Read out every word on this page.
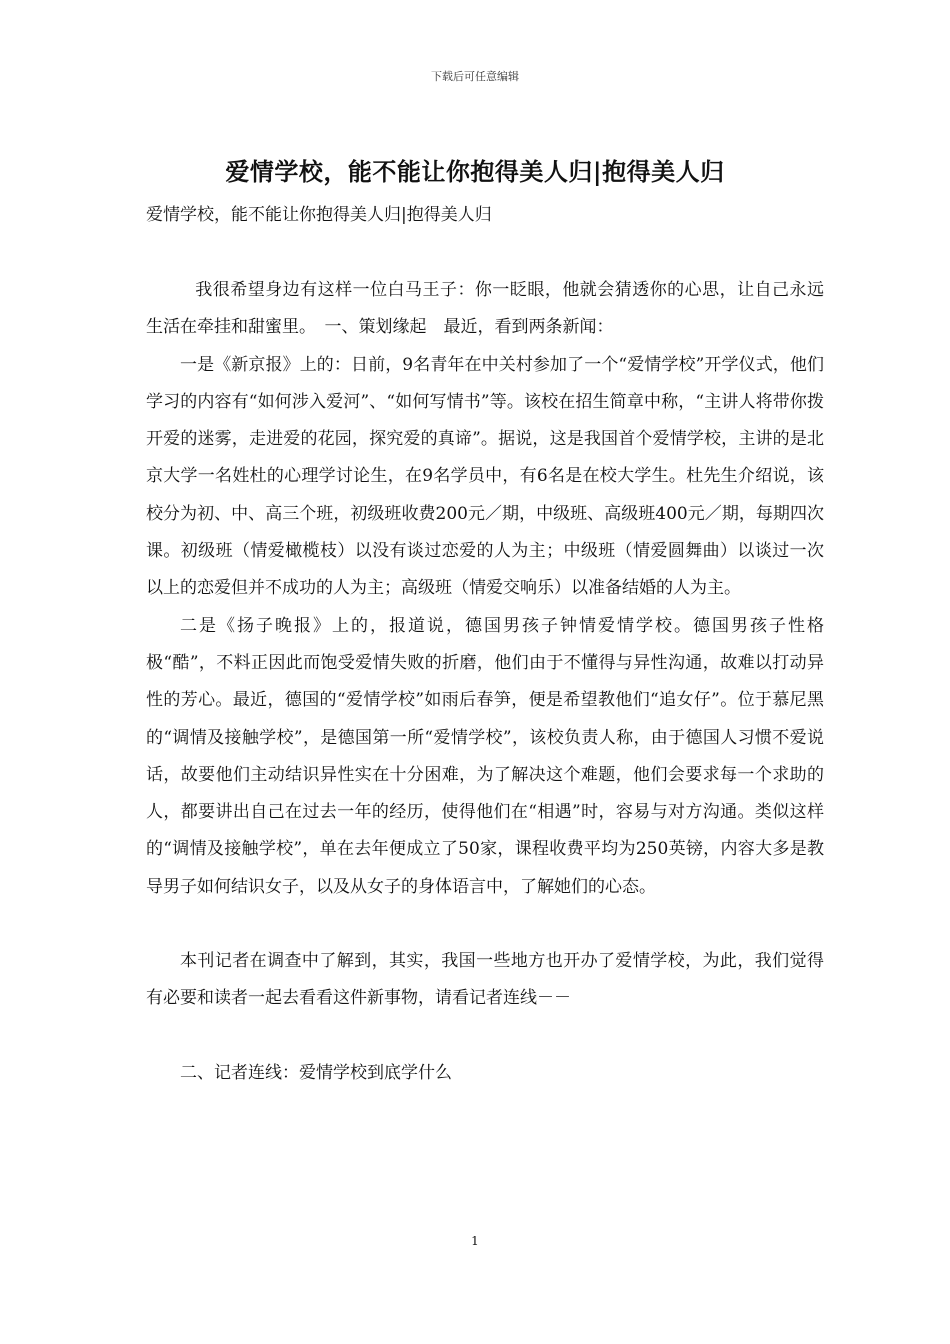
下载后可任意编辑
爱情学校，能不能让你抱得美人归|抱得美人归
爱情学校，能不能让你抱得美人归|抱得美人归

我很希望身边有这样一位白马王子：你一眨眼，他就会猜透你的心思，让自己永远生活在牵挂和甜蜜里。　一、策划缘起　最近，看到两条新闻：

一是《新京报》上的：日前，9名青年在中关村参加了一个“爱情学校”开学仪式，他们学习的内容有“如何涉入爱河”、“如何写情书”等。该校在招生简章中称，“主讲人将带你拨开爱的迷雾，走进爱的花园，探究爱的真谛”。据说，这是我国首个爱情学校，主讲的是北京大学一名姓杜的心理学讨论生，在9名学员中，有6名是在校大学生。杜先生介绍说，该校分为初、中、高三个班，初级班收费200元／期，中级班、高级班400元／期，每期四次课。初级班（情爱橄榄枝）以没有谈过恋爱的人为主；中级班（情爱圆舞曲）以谈过一次以上的恋爱但并不成功的人为主；高级班（情爱交响乐）以准备结婚的人为主。

二是《扬子晚报》上的，报道说，德国男孩子钟情爱情学校。德国男孩子性格极“酷”，不料正因此而饱受爱情失败的折磨，他们由于不懂得与异性沟通，故难以打动异性的芳心。最近，德国的“爱情学校”如雨后春笋，便是希望教他们“追女仔”。位于慕尼黑的“调情及接触学校”，是德国第一所“爱情学校”，该校负责人称，由于德国人习惯不爱说话，故要他们主动结识异性实在十分困难，为了解决这个难题，他们会要求每一个求助的人，都要讲出自己在过去一年的经历，使得他们在“相遇”时，容易与对方沟通。类似这样的“调情及接触学校”，单在去年便成立了50家，课程收费平均为250英镑，内容大多是教导男子如何结识女子，以及从女子的身体语言中，了解她们的心态。

本刊记者在调查中了解到，其实，我国一些地方也开办了爱情学校，为此，我们觉得有必要和读者一起去看看这件新事物，请看记者连线－－

二、记者连线：爱情学校到底学什么

1
